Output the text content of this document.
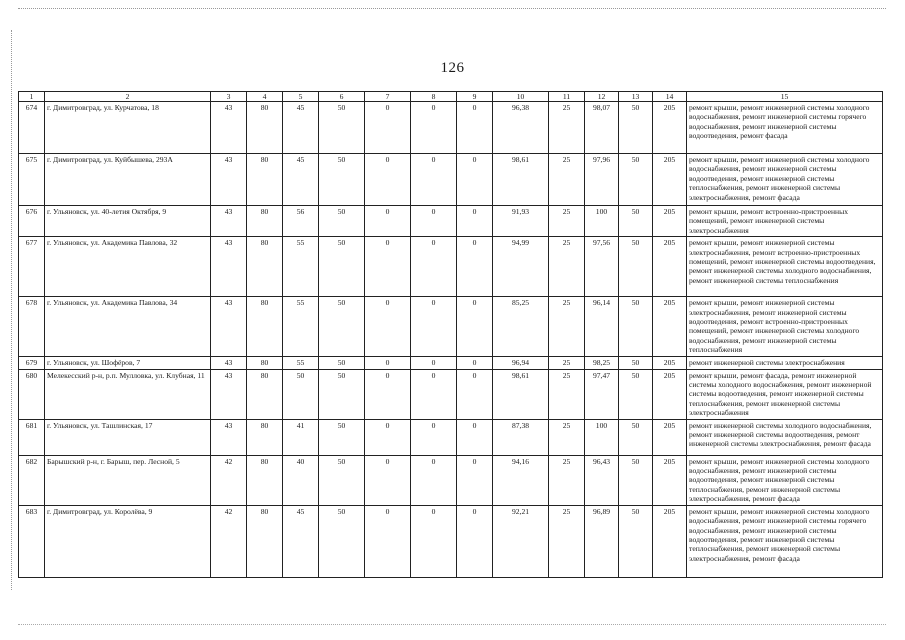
126
1	2	3	4	5	6	7	8	9	10	11	12	13	14	15
674	г. Димитровград, ул. Курчатова, 18	43	80	45	50	0	0	0	96,38	25	98,07	50	205	ремонт крыши, ремонт инженерной системы холодного водоснабжения, ремонт инженерной системы горячего водоснабжения, ремонт инженерной системы водоотведения, ремонт фасада
675	г. Димитровград, ул. Куйбышева, 293А	43	80	45	50	0	0	0	98,61	25	97,96	50	205	ремонт крыши, ремонт инженерной системы холодного водоснабжения, ремонт инженерной системы водоотведения, ремонт инженерной системы теплоснабжения, ремонт инженерной системы электроснабжения, ремонт фасада
676	г. Ульяновск, ул. 40-летия Октября, 9	43	80	56	50	0	0	0	91,93	25	100	50	205	ремонт крыши, ремонт встроенно-пристроенных помещений, ремонт инженерной системы электроснабжения
677	г. Ульяновск, ул. Академика Павлова, 32	43	80	55	50	0	0	0	94,99	25	97,56	50	205	ремонт крыши, ремонт инженерной системы электроснабжения, ремонт встроенно-пристроенных помещений, ремонт инженерной системы водоотведения, ремонт инженерной системы холодного водоснабжения, ремонт инженерной системы теплоснабжения
678	г. Ульяновск, ул. Академика Павлова, 34	43	80	55	50	0	0	0	85,25	25	96,14	50	205	ремонт крыши, ремонт инженерной системы электроснабжения, ремонт инженерной системы водоотведения, ремонт встроенно-пристроенных помещений, ремонт инженерной системы холодного водоснабжения, ремонт инженерной системы теплоснабжения
679	г. Ульяновск, ул. Шофёров, 7	43	80	55	50	0	0	0	96,94	25	98,25	50	205	ремонт инженерной системы электроснабжения
680	Мелекесский р-н, р.п. Мулловка, ул. Клубная, 11	43	80	50	50	0	0	0	98,61	25	97,47	50	205	ремонт крыши, ремонт фасада, ремонт инженерной системы холодного водоснабжения, ремонт инженерной системы водоотведения, ремонт инженерной системы теплоснабжения, ремонт инженерной системы электроснабжения
681	г. Ульяновск, ул. Ташлинская, 17	43	80	41	50	0	0	0	87,38	25	100	50	205	ремонт инженерной системы холодного водоснабжения, ремонт инженерной системы водоотведения, ремонт инженерной системы электроснабжения, ремонт фасада
682	Барышский р-н, г. Барыш, пер. Лесной, 5	42	80	40	50	0	0	0	94,16	25	96,43	50	205	ремонт крыши, ремонт инженерной системы холодного водоснабжения, ремонт инженерной системы водоотведения, ремонт инженерной системы теплоснабжения, ремонт инженерной системы электроснабжения, ремонт фасада
683	г. Димитровград, ул. Королёва, 9	42	80	45	50	0	0	0	92,21	25	96,89	50	205	ремонт крыши, ремонт инженерной системы холодного водоснабжения, ремонт инженерной системы горячего водоснабжения, ремонт инженерной системы водоотведения, ремонт инженерной системы теплоснабжения, ремонт инженерной системы электроснабжения, ремонт фасада
